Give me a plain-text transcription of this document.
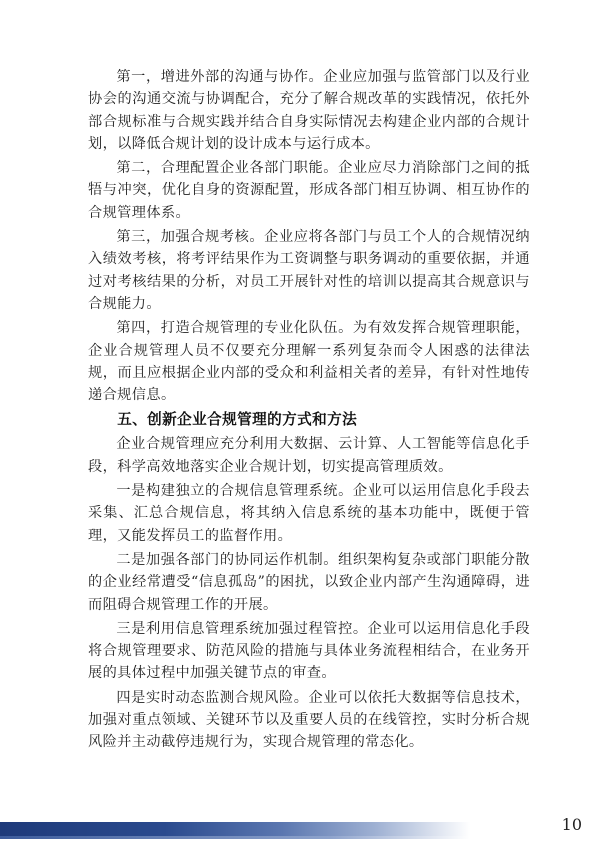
第一，增进外部的沟通与协作。企业应加强与监管部门以及行业协会的沟通交流与协调配合，充分了解合规改革的实践情况，依托外部合规标准与合规实践并结合自身实际情况去构建企业内部的合规计划，以降低合规计划的设计成本与运行成本。

第二，合理配置企业各部门职能。企业应尽力消除部门之间的抵牾与冲突，优化自身的资源配置，形成各部门相互协调、相互协作的合规管理体系。

第三，加强合规考核。企业应将各部门与员工个人的合规情况纳入绩效考核，将考评结果作为工资调整与职务调动的重要依据，并通过对考核结果的分析，对员工开展针对性的培训以提高其合规意识与合规能力。

第四，打造合规管理的专业化队伍。为有效发挥合规管理职能，企业合规管理人员不仅要充分理解一系列复杂而令人困惑的法律法规，而且应根据企业内部的受众和利益相关者的差异，有针对性地传递合规信息。

五、创新企业合规管理的方式和方法

企业合规管理应充分利用大数据、云计算、人工智能等信息化手段，科学高效地落实企业合规计划，切实提高管理质效。

一是构建独立的合规信息管理系统。企业可以运用信息化手段去采集、汇总合规信息，将其纳入信息系统的基本功能中，既便于管理，又能发挥员工的监督作用。

二是加强各部门的协同运作机制。组织架构复杂或部门职能分散的企业经常遭受“信息孤岛”的困扰，以致企业内部产生沟通障碍，进而阻碍合规管理工作的开展。

三是利用信息管理系统加强过程管控。企业可以运用信息化手段将合规管理要求、防范风险的措施与具体业务流程相结合，在业务开展的具体过程中加强关键节点的审查。

四是实时动态监测合规风险。企业可以依托大数据等信息技术，加强对重点领域、关键环节以及重要人员的在线管控，实时分析合规风险并主动截停违规行为，实现合规管理的常态化。

10
